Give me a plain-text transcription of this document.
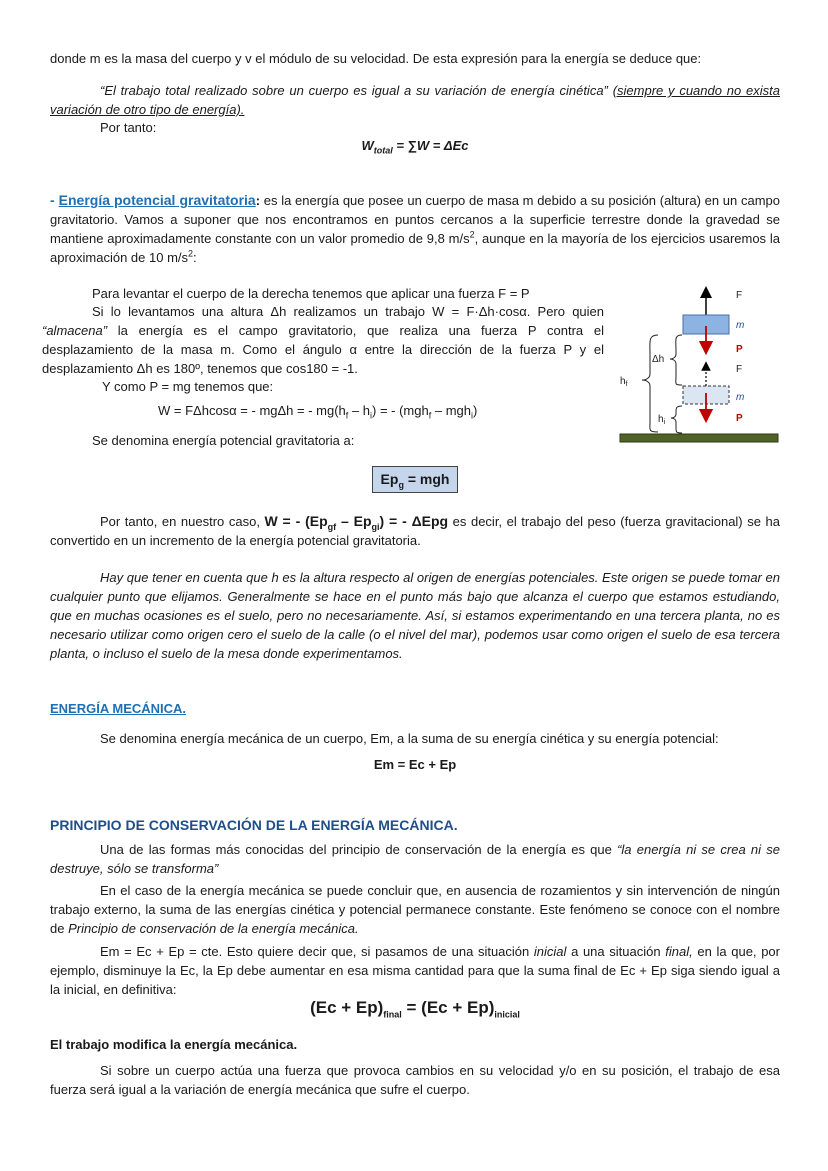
donde m es la masa del cuerpo y v el módulo de su velocidad. De esta expresión para la energía se deduce que:
“El trabajo total realizado sobre un cuerpo es igual a su variación de energía cinética” (siempre y cuando no exista variación de otro tipo de energía).
Por tanto:
$W_{total} = \sum W = \Delta Ec$
- Energía potencial gravitatoria: es la energía que posee un cuerpo de masa m debido a su posición (altura) en un campo gravitatorio. Vamos a suponer que nos encontramos en puntos cercanos a la superficie terrestre donde la gravedad se mantiene aproximadamente constante con un valor promedio de 9,8 $m/s^2$, aunque en la mayoría de los ejercicios usaremos la aproximación de 10 $m/s^2$:
Para levantar el cuerpo de la derecha tenemos que aplicar una fuerza F = P
Si lo levantamos una altura Δh realizamos un trabajo W = F·Δh·cosα. Pero quien “almacena” la energía es el campo gravitatorio, que realiza una fuerza P contra el desplazamiento de la masa m. Como el ángulo α entre la dirección de la fuerza P y el desplazamiento Δh es 180º, tenemos que cos180 = -1.
Y como P = mg tenemos que:
W = FΔhcosα = - mgΔh = - $mg(h_f - h_i)$ = - (mgh$_f$ – mgh$_i$)
Se denomina energía potencial gravitatoria a:
$Ep_g$ = mgh
Por tanto, en nuestro caso, W = - $(Ep_{gf} - Ep_{gi})$ = - ΔEpg es decir, el trabajo del peso (fuerza gravitacional) se ha convertido en un incremento de la energía potencial gravitatoria.
Hay que tener en cuenta que h es la altura respecto al origen de energías potenciales. Este origen se puede tomar en cualquier punto que elijamos. Generalmente se hace en el punto más bajo que alcanza el cuerpo que estamos estudiando, que en muchas ocasiones es el suelo, pero no necesariamente. Así, si estamos experimentando en una tercera planta, no es necesario utilizar como origen cero el suelo de la calle (o el nivel del mar), podemos usar como origen el suelo de esa tercera planta, o incluso el suelo de la mesa donde experimentamos.
ENERGÍA MECÁNICA.
Se denomina energía mecánica de un cuerpo, Em, a la suma de su energía cinética y su energía potencial:
Em = Ec + Ep
PRINCIPIO DE CONSERVACIÓN DE LA ENERGÍA MECÁNICA.
Una de las formas más conocidas del principio de conservación de la energía es que “la energía ni se crea ni se destruye, sólo se transforma”
En el caso de la energía mecánica se puede concluir que, en ausencia de rozamientos y sin intervención de ningún trabajo externo, la suma de las energías cinética y potencial permanece constante. Este fenómeno se conoce con el nombre de Principio de conservación de la energía mecánica.
Em = Ec + Ep = cte. Esto quiere decir que, si pasamos de una situación inicial a una situación final, en la que, por ejemplo, disminuye la Ec, la Ep debe aumentar en esa misma cantidad para que la suma final de Ec + Ep siga siendo igual a la inicial, en definitiva:
$(Ec + Ep)_{final} = (Ec + Ep)_{inicial}$
El trabajo modifica la energía mecánica.
Si sobre un cuerpo actúa una fuerza que provoca cambios en su velocidad y/o en su posición, el trabajo de esa fuerza será igual a la variación de energía mecánica que sufre el cuerpo.
F
m
P
F
m
P
Δh
$h_f$
$h_i$
